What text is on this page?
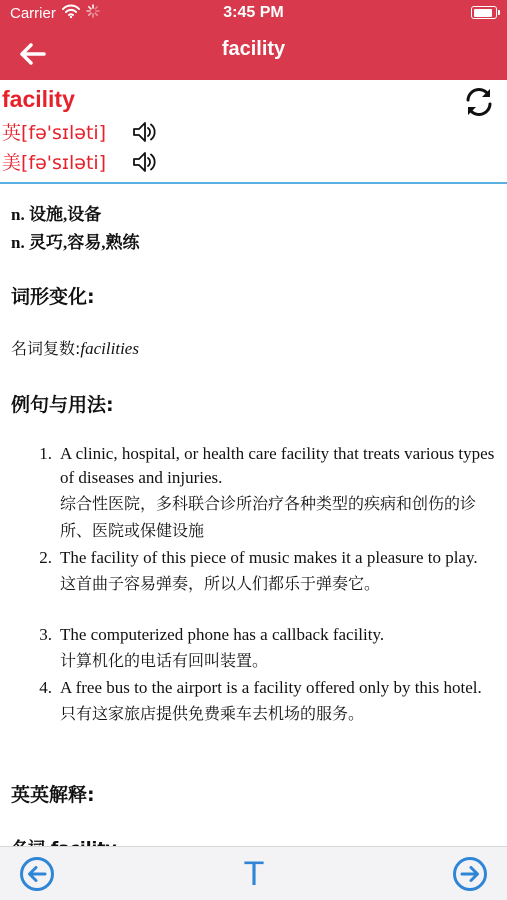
Carrier	3:45 PM
facility
facility
英[fə'sɪləti]
美[fə'sɪləti]
n. 设施,设备
n. 灵巧,容易,熟练
词形变化:
名词复数:facilities
例句与用法:
1. A clinic, hospital, or health care facility that treats various types of diseases and injuries.
综合性医院，多科联合诊所治疗各种类型的疾病和创伤的诊所、医院或保健设施
2. The facility of this piece of music makes it a pleasure to play.
这首曲子容易弹奏，所以人们都乐于弹奏它。
3. The computerized phone has a callback facility.
计算机化的电话有回叫装置。
4. A free bus to the airport is a facility offered only by this hotel.
只有这家旅店提供免费乘车去机场的服务。
英英解释:
T
